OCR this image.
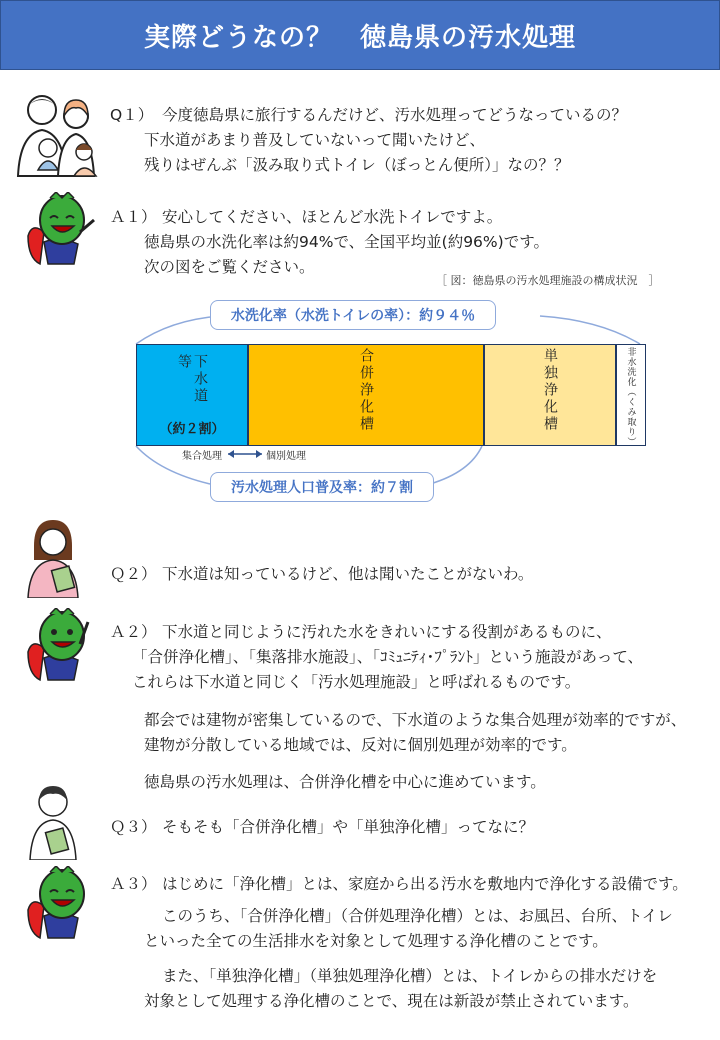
実際どうなの？　徳島県の汚水処理
Q１） 今度徳島県に旅行するんだけど、汚水処理ってどうなっているの？
下水道があまり普及していないって聞いたけど、
残りはぜんぶ「汲み取り式トイレ（ぼっとん便所）」なの？？
Ａ１） 安心してください、ほとんど水洗トイレですよ。
徳島県の水洗化率は約94%で、全国平均並(約96%)です。
次の図をご覧ください。
［ 図：徳島県の汚水処理施設の構成状況　］
水洗化率（水洗トイレの率）：約９４％
下水道等
（約２割）	合併浄化槽	単独浄化槽	非水洗化（くみ取り）
集合処理	個別処理
汚水処理人口普及率：約７割
Ｑ２） 下水道は知っているけど、他は聞いたことがないわ。
Ａ２） 下水道と同じように汚れた水をきれいにする役割があるものに、
「合併浄化槽」、「集落排水施設」、「ｺﾐｭﾆﾃｨ･ﾌﾟﾗﾝﾄ」という施設があって、
これらは下水道と同じく「汚水処理施設」と呼ばれるものです。
都会では建物が密集しているので、下水道のような集合処理が効率的ですが、
建物が分散している地域では、反対に個別処理が効率的です。
徳島県の汚水処理は、合併浄化槽を中心に進めています。
Ｑ３） そもそも「合併浄化槽」や「単独浄化槽」ってなに？
Ａ３） はじめに「浄化槽」とは、家庭から出る汚水を敷地内で浄化する設備です。
このうち、「合併浄化槽」（合併処理浄化槽）とは、お風呂、台所、トイレ
といった全ての生活排水を対象として処理する浄化槽のことです。
また、「単独浄化槽」（単独処理浄化槽）とは、トイレからの排水だけを
対象として処理する浄化槽のことで、現在は新設が禁止されています。
